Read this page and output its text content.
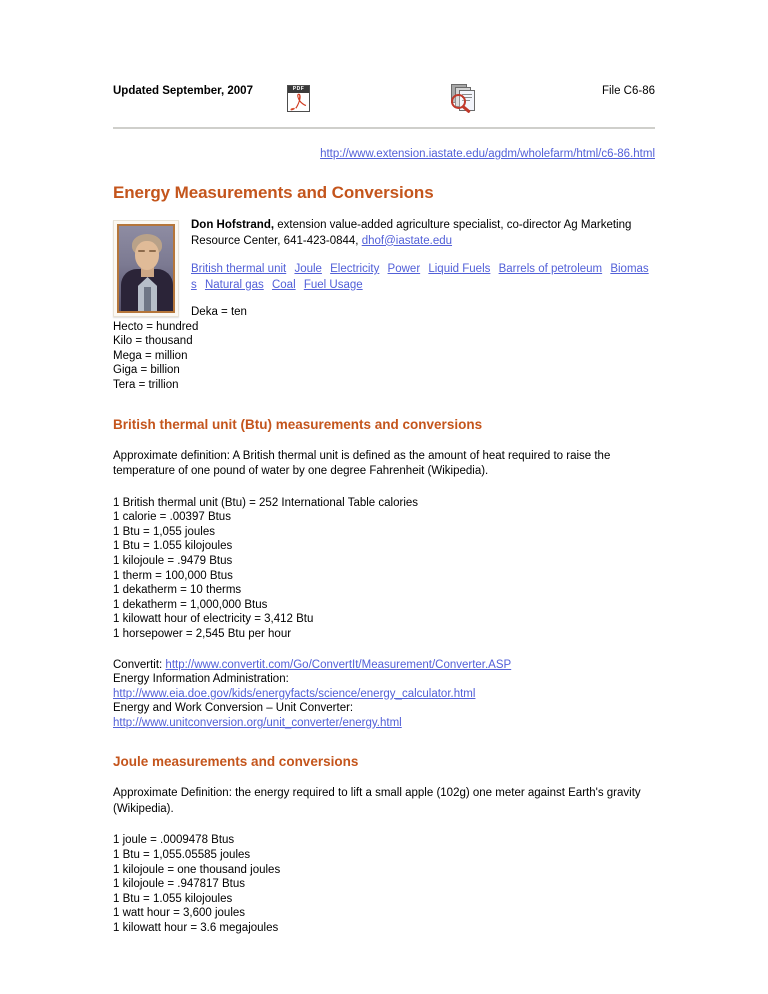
Updated September, 2007	PDF	File C6-86
http://www.extension.iastate.edu/agdm/wholefarm/html/c6-86.html
Energy Measurements and Conversions
Don Hofstrand, extension value-added agriculture specialist, co-director Ag Marketing Resource Center, 641-423-0844, dhof@iastate.edu
British thermal unit Joule Electricity Power Liquid Fuels Barrels of petroleum Biomass Natural gas Coal Fuel Usage
Deka = ten
Hecto = hundred
Kilo = thousand
Mega = million
Giga = billion
Tera = trillion
British thermal unit (Btu) measurements and conversions

Approximate definition: A British thermal unit is defined as the amount of heat required to raise the temperature of one pound of water by one degree Fahrenheit (Wikipedia).

1 British thermal unit (Btu) = 252 International Table calories
1 calorie = .00397 Btus
1 Btu = 1,055 joules
1 Btu = 1.055 kilojoules
1 kilojoule = .9479 Btus
1 therm = 100,000 Btus
1 dekatherm = 10 therms
1 dekatherm = 1,000,000 Btus
1 kilowatt hour of electricity = 3,412 Btu
1 horsepower = 2,545 Btu per hour
Convertit: http://www.convertit.com/Go/ConvertIt/Measurement/Converter.ASP
Energy Information Administration:
http://www.eia.doe.gov/kids/energyfacts/science/energy_calculator.html
Energy and Work Conversion – Unit Converter:
http://www.unitconversion.org/unit_converter/energy.html
Joule measurements and conversions

Approximate Definition: the energy required to lift a small apple (102g) one meter against Earth's gravity (Wikipedia).

1 joule = .0009478 Btus
1 Btu = 1,055.05585 joules
1 kilojoule = one thousand joules
1 kilojoule = .947817 Btus
1 Btu = 1.055 kilojoules
1 watt hour = 3,600 joules
1 kilowatt hour = 3.6 megajoules
